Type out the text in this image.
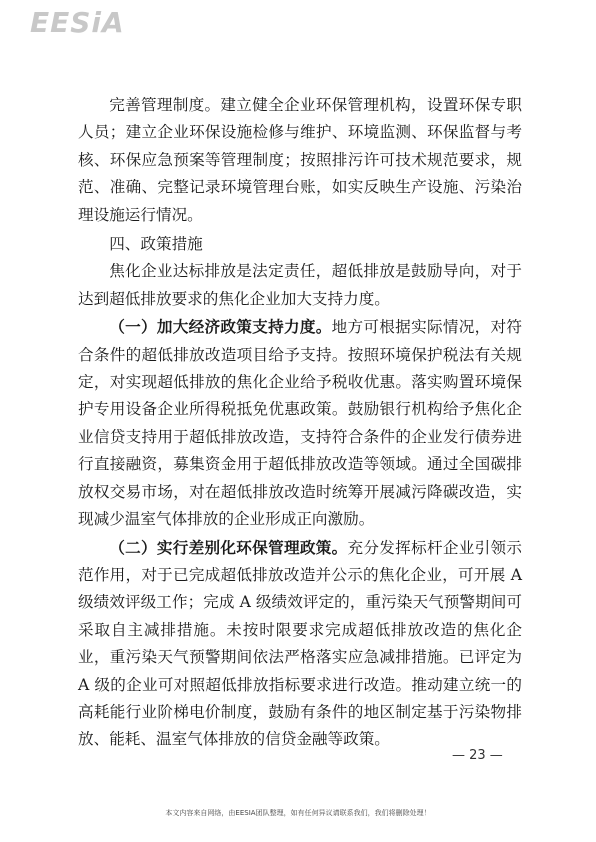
EESiA

完善管理制度。建立健全企业环保管理机构，设置环保专职人员；建立企业环保设施检修与维护、环境监测、环保监督与考核、环保应急预案等管理制度；按照排污许可技术规范要求，规范、准确、完整记录环境管理台账，如实反映生产设施、污染治理设施运行情况。

四、政策措施

焦化企业达标排放是法定责任，超低排放是鼓励导向，对于达到超低排放要求的焦化企业加大支持力度。

（一）加大经济政策支持力度。地方可根据实际情况，对符合条件的超低排放改造项目给予支持。按照环境保护税法有关规定，对实现超低排放的焦化企业给予税收优惠。落实购置环境保护专用设备企业所得税抵免优惠政策。鼓励银行机构给予焦化企业信贷支持用于超低排放改造，支持符合条件的企业发行债券进行直接融资，募集资金用于超低排放改造等领域。通过全国碳排放权交易市场，对在超低排放改造时统筹开展减污降碳改造，实现减少温室气体排放的企业形成正向激励。

（二）实行差别化环保管理政策。充分发挥标杆企业引领示范作用，对于已完成超低排放改造并公示的焦化企业，可开展 A 级绩效评级工作；完成 A 级绩效评定的，重污染天气预警期间可采取自主减排措施。未按时限要求完成超低排放改造的焦化企业，重污染天气预警期间依法严格落实应急减排措施。已评定为 A 级的企业可对照超低排放指标要求进行改造。推动建立统一的高耗能行业阶梯电价制度，鼓励有条件的地区制定基于污染物排放、能耗、温室气体排放的信贷金融等政策。

— 23 —
本文内容来自网络，由EESIA团队整理，如有任何异议请联系我们，我们将删除处理！
